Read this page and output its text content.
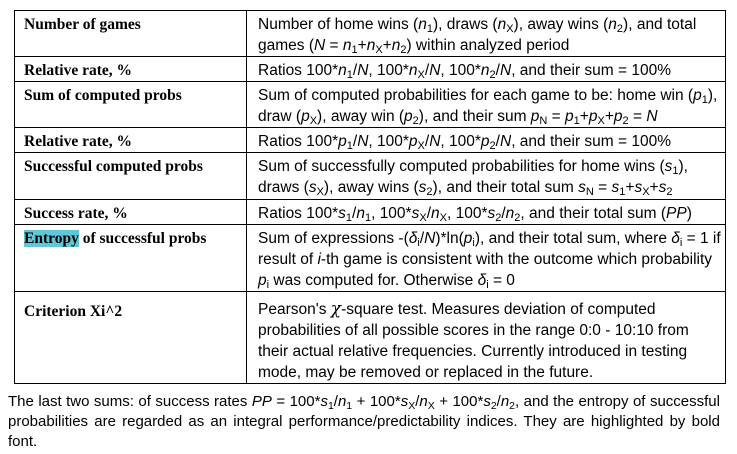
Number of games	Number of home wins $(n_1)$, draws $(n_X)$, away wins $(n_2)$, and total games $(N = n_1+n_X+n_2)$ within analyzed period
Relative rate, %	Ratios $100*n_1/N$, $100*n_X/N$, $100*n_2/N$, and their sum = 100%
Sum of computed probs	Sum of computed probabilities for each game to be: home win $(p_1)$, draw $(p_X)$, away win $(p_2)$, and their sum $p_N = p_1+p_X+p_2 = N$
Relative rate, %	Ratios $100*p_1/N$, $100*p_X/N$, $100*p_2/N$, and their sum = 100%
Successful computed probs	Sum of successfully computed probabilities for home wins $(s_1)$, draws $(s_X)$, away wins $(s_2)$, and their total sum $s_N = s_1+s_X+s_2$
Success rate, %	Ratios $100*s_1/n_1$, $100*s_X/n_X$, $100*s_2/n_2$, and their total sum (PP)
Entropy of successful probs	Sum of expressions $-(\delta_i/N)*\ln(p_i)$, and their total sum, where $\delta_i = 1$ if result of i-th game is consistent with the outcome which probability $p_i$ was computed for. Otherwise $\delta_i = 0$
Criterion Xi^2	Pearson's χ-square test. Measures deviation of computed probabilities of all possible scores in the range 0:0 - 10:10 from their actual relative frequencies. Currently introduced in testing mode, may be removed or replaced in the future.
The last two sums: of success rates PP = $100*s_1/n_1 + 100*s_X/n_X + 100*s_2/n_2$, and the entropy of successful probabilities are regarded as an integral performance/predictability indices. They are highlighted by bold font.
